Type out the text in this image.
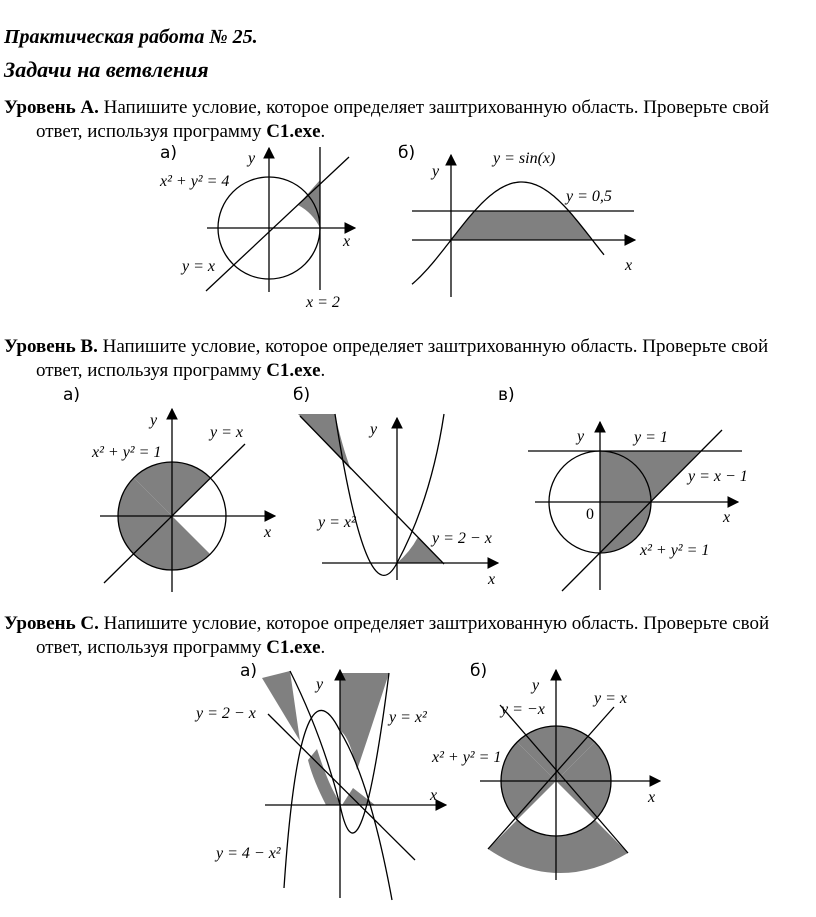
Практическая работа № 25.
Задачи на ветвления
Уровень А. Напишите условие, которое определяет заштрихованную область. Проверьте свой
ответ, используя программу C1.exe.
Уровень B. Напишите условие, которое определяет заштрихованную область. Проверьте свой
ответ, используя программу C1.exe.
Уровень C. Напишите условие, которое определяет заштрихованную область. Проверьте свой
ответ, используя программу C1.exe.
а)	y
x
x² + y² = 4
y = x
x = 2
б)
y
x
y = sin(x)
y = 0,5
а)
y
x
x² + y² = 1
y = x
б)
y
x
y = x²
y = 2 − x
в)
y
x
0
y = 1
y = x − 1
x² + y² = 1
а)
y
x
y = 2 − x	y = x²
y = 4 − x²
б)
y
x
y = −x
y = x
x² + y² = 1
